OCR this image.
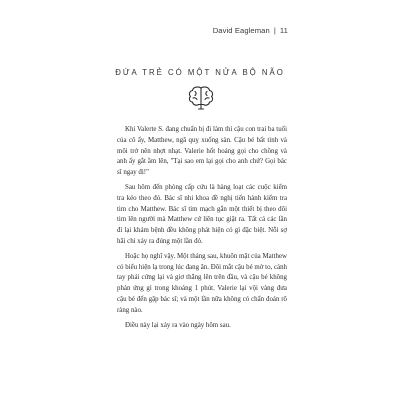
David Eagleman | 11
ĐỨA TRẺ CÓ MỘT NỬA BỘ NÃO

Khi Valerte S. đang chuẩn bị đi làm thì cậu con trai ba tuổi của cô ấy, Matthew, ngã quỵ xuống sàn. Cậu bé bất tỉnh và môi trở nên nhợt nhạt. Valerie hốt hoảng gọi cho chồng và anh ấy gắt ầm lên, "Tại sao em lại gọi cho anh chứ? Gọi bác sĩ ngay đi!"

Sau hôm đến phòng cấp cứu là hàng loạt các cuộc kiểm tra kéo theo đó. Bác sĩ nhi khoa đề nghị tiến hành kiểm tra tim cho Matthew. Bác sĩ tim mạch gắn một thiết bị theo dõi tim lên người mà Matthew cứ liên tục giật ra. Tất cả các lần đi lại khám bệnh đều không phát hiện có gì đặc biệt. Nỗi sợ hãi chỉ xảy ra đúng một lần đó.

Hoặc họ nghĩ vậy. Một tháng sau, khuôn mặt của Matthew có biểu hiện lạ trong lúc đang ăn. Đôi mắt cậu bé mờ to, cánh tay phải cứng lại và giơ thẳng lên trên đầu, và cậu bé không phản ứng gì trong khoảng 1 phút. Valerie lại vội vàng đưa cậu bé đến gặp bác sĩ; và một lần nữa không có chẩn đoán rõ ràng nào.

Điều này lại xảy ra vào ngày hôm sau.
